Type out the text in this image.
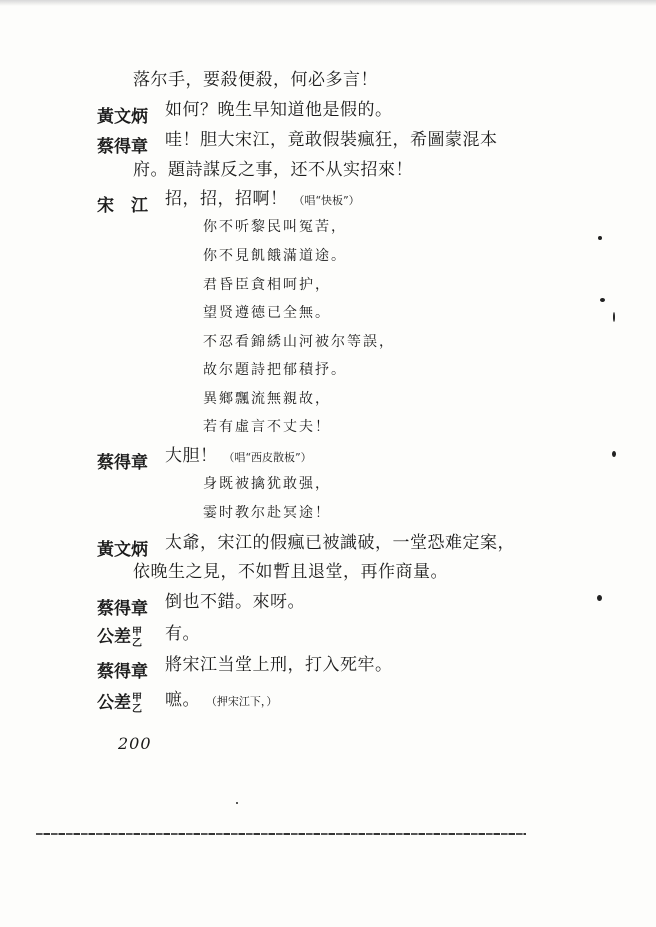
落尔手，要殺便殺，何必多言！
黃文炳 如何？晚生早知道他是假的。
蔡得章 哇！胆大宋江，竟敢假裝瘋狂，希圖蒙混本
府。題詩謀反之事，还不从实招來！
宋　江 招，招，招啊！ （唱“快板”）
你不听黎民叫冤苦，
你不見飢餓滿道途。
君昏臣貪相呵护，
望贤遵德已全無。
不忍看錦綉山河被尔等誤，
故尔題詩把郁積抒。
異鄉飄流無親故，
若有虛言不丈夫！
蔡得章 大胆！ （唱“西皮散板”）
身既被擒犹敢强，
霎时教尔赴冥途！
黃文炳 太爺，宋江的假瘋已被識破，一堂恐难定案，
依晚生之見，不如暫且退堂，再作商量。
蔡得章 倒也不錯。來呀。
公差 甲
乙 有。
蔡得章 將宋江当堂上刑，打入死牢。
公差 甲
乙 嗻。 （押宋江下，）
200
